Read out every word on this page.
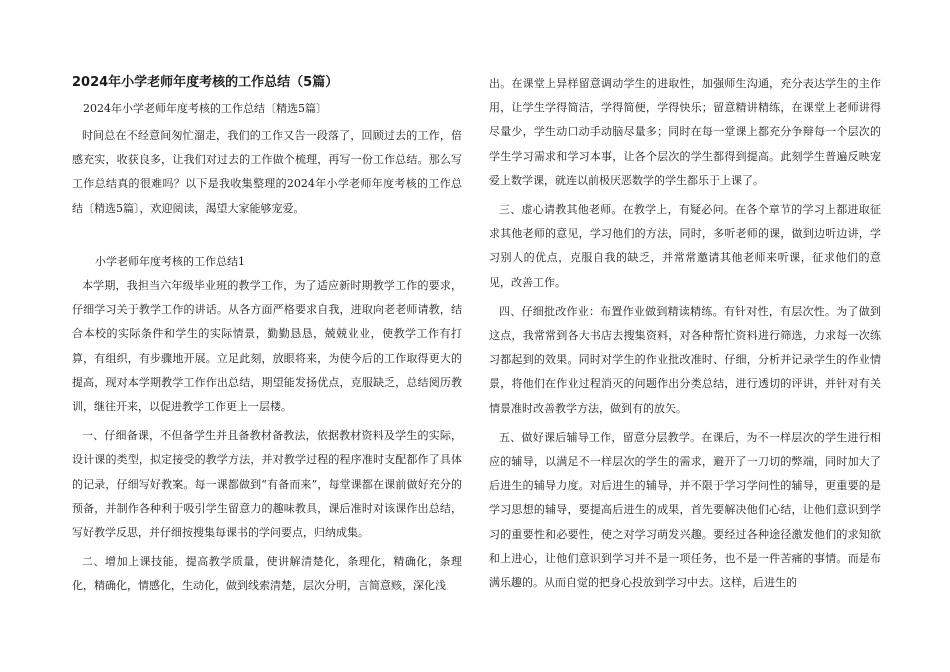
2024年小学老师年度考核的工作总结（5篇）
2024年小学老师年度考核的工作总结〔精选5篇〕

时间总在不经意间匆忙溜走，我们的工作又告一段落了，回顾过去的工作，倍感充实，收获良多，让我们对过去的工作做个梳理，再写一份工作总结。那么写工作总结真的很难吗？以下是我收集整理的2024年小学老师年度考核的工作总结〔精选5篇〕，欢迎阅读，渴望大家能够宠爱。

小学老师年度考核的工作总结1

本学期，我担当六年级毕业班的教学工作，为了适应新时期教学工作的要求，仔细学习关于教学工作的讲话。从各方面严格要求自我，进取向老老师请教，结合本校的实际条件和学生的实际情景，勤勤恳恳，兢兢业业，使教学工作有打算，有组织，有步骤地开展。立足此刻，放眼将来，为使今后的工作取得更大的提高，现对本学期教学工作作出总结，期望能发扬优点，克服缺乏，总结阅历教训，继往开来，以促进教学工作更上一层楼。

一、仔细备课，不但备学生并且备教材备教法，依据教材资料及学生的实际，设计课的类型，拟定接受的教学方法，并对教学过程的程序准时支配都作了具体的记录，仔细写好教案。每一课都做到“有备而来”，每堂课都在课前做好充分的预备，并制作各种利于吸引学生留意力的趣味教具，课后准时对该课作出总结，写好教学反思，并仔细按搜集每课书的学问要点，归纳成集。

二、增加上课技能，提高教学质量，使讲解清楚化，条理化，精确化，条理化，精确化，情感化，生动化，做到线索清楚，层次分明，言简意赅，深化浅

出。在课堂上异样留意调动学生的进取性，加强师生沟通，充分表达学生的主作用，让学生学得简洁，学得简便，学得快乐；留意精讲精练，在课堂上老师讲得尽量少，学生动口动手动脑尽量多；同时在每一堂课上都充分争辩每一个层次的学生学习需求和学习本事，让各个层次的学生都得到提高。此刻学生普遍反映宠爱上数学课，就连以前极厌恶数学的学生都乐于上课了。

三、虚心请教其他老师。在教学上，有疑必问。在各个章节的学习上都进取征求其他老师的意见，学习他们的方法，同时，多听老师的课，做到边听边讲，学习别人的优点，克服自我的缺乏，并常常邀请其他老师来听课，征求他们的意见，改善工作。

四、仔细批改作业：布置作业做到精读精练。有针对性，有层次性。为了做到这点，我常常到各大书店去搜集资料，对各种帮忙资料进行筛选，力求每一次练习都起到的效果。同时对学生的作业批改准时、仔细，分析并记录学生的作业情景，将他们在作业过程消灭的问题作出分类总结，进行透切的评讲，并针对有关情景准时改善教学方法，做到有的放矢。

五、做好课后辅导工作，留意分层教学。在课后，为不一样层次的学生进行相应的辅导，以满足不一样层次的学生的需求，避开了一刀切的弊端，同时加大了后进生的辅导力度。对后进生的辅导，并不限于学习学问性的辅导，更重要的是学习思想的辅导，要提高后进生的成果，首先要解决他们心结，让他们意识到学习的重要性和必要性，使之对学习萌发兴趣。要经过各种途径激发他们的求知欲和上进心，让他们意识到学习并不是一项任务，也不是一件苦痛的事情。而是布满乐趣的。从而自觉的把身心投放到学习中去。这样，后进生的
